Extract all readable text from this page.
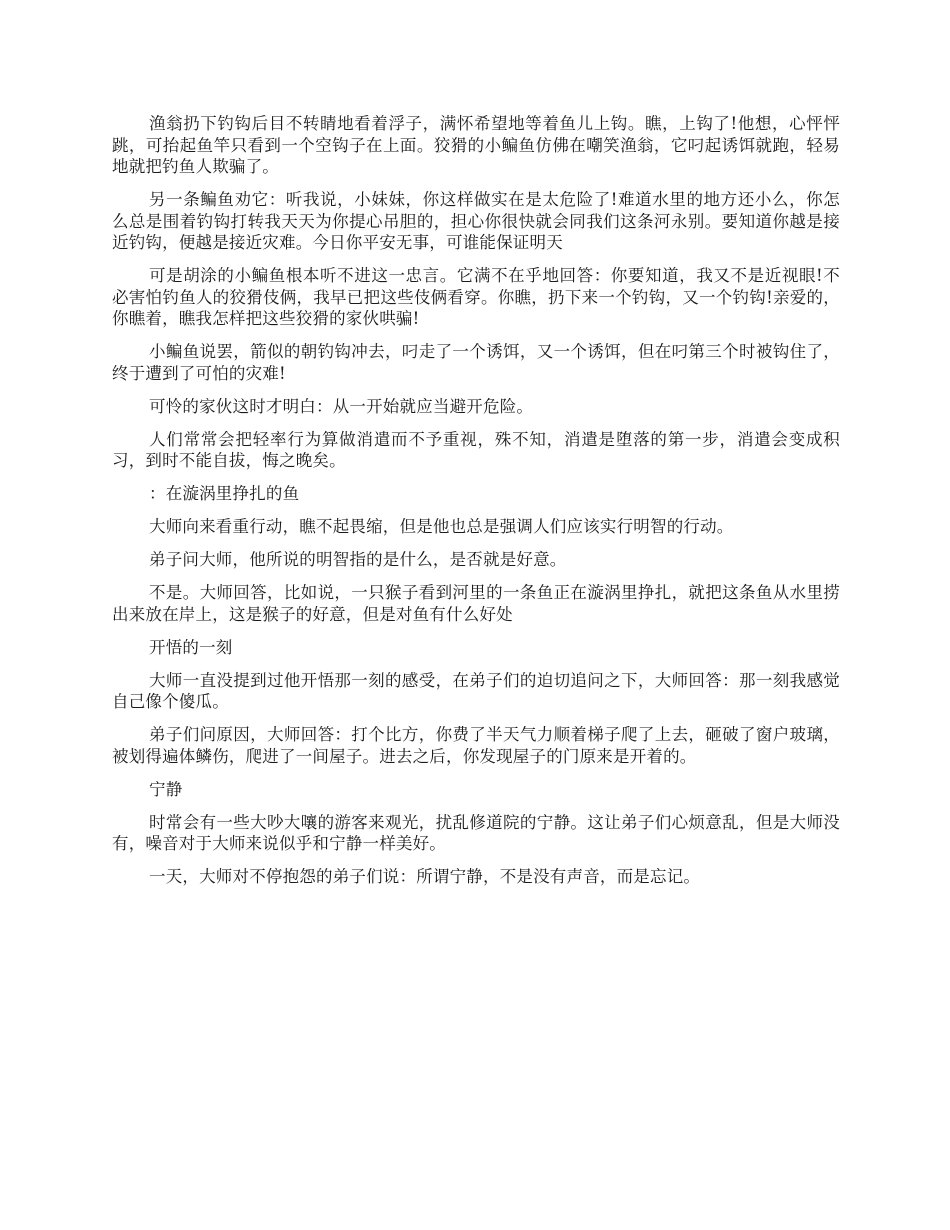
渔翁扔下钓钩后目不转睛地看着浮子，满怀希望地等着鱼儿上钩。瞧，上钩了!他想，心怦怦跳，可抬起鱼竿只看到一个空钩子在上面。狡猾的小鳊鱼仿佛在嘲笑渔翁，它叼起诱饵就跑，轻易地就把钓鱼人欺骗了。

另一条鳊鱼劝它：听我说，小妹妹，你这样做实在是太危险了!难道水里的地方还小么，你怎么总是围着钓钩打转我天天为你提心吊胆的，担心你很快就会同我们这条河永别。要知道你越是接近钓钩，便越是接近灾难。今日你平安无事，可谁能保证明天

可是胡涂的小鳊鱼根本听不进这一忠言。它满不在乎地回答：你要知道，我又不是近视眼!不必害怕钓鱼人的狡猾伎俩，我早已把这些伎俩看穿。你瞧，扔下来一个钓钩，又一个钓钩!亲爱的，你瞧着，瞧我怎样把这些狡猾的家伙哄骗!

小鳊鱼说罢，箭似的朝钓钩冲去，叼走了一个诱饵，又一个诱饵，但在叼第三个时被钩住了，终于遭到了可怕的灾难!

可怜的家伙这时才明白：从一开始就应当避开危险。

人们常常会把轻率行为算做消遣而不予重视，殊不知，消遣是堕落的第一步，消遣会变成积习，到时不能自拔，悔之晚矣。

：在漩涡里挣扎的鱼

大师向来看重行动，瞧不起畏缩，但是他也总是强调人们应该实行明智的行动。

弟子问大师，他所说的明智指的是什么，是否就是好意。

不是。大师回答，比如说，一只猴子看到河里的一条鱼正在漩涡里挣扎，就把这条鱼从水里捞出来放在岸上，这是猴子的好意，但是对鱼有什么好处

开悟的一刻

大师一直没提到过他开悟那一刻的感受，在弟子们的迫切追问之下，大师回答：那一刻我感觉自己像个傻瓜。

弟子们问原因，大师回答：打个比方，你费了半天气力顺着梯子爬了上去，砸破了窗户玻璃，被划得遍体鳞伤，爬进了一间屋子。进去之后，你发现屋子的门原来是开着的。

宁静

时常会有一些大吵大嚷的游客来观光，扰乱修道院的宁静。这让弟子们心烦意乱，但是大师没有，噪音对于大师来说似乎和宁静一样美好。

一天，大师对不停抱怨的弟子们说：所谓宁静，不是没有声音，而是忘记。
